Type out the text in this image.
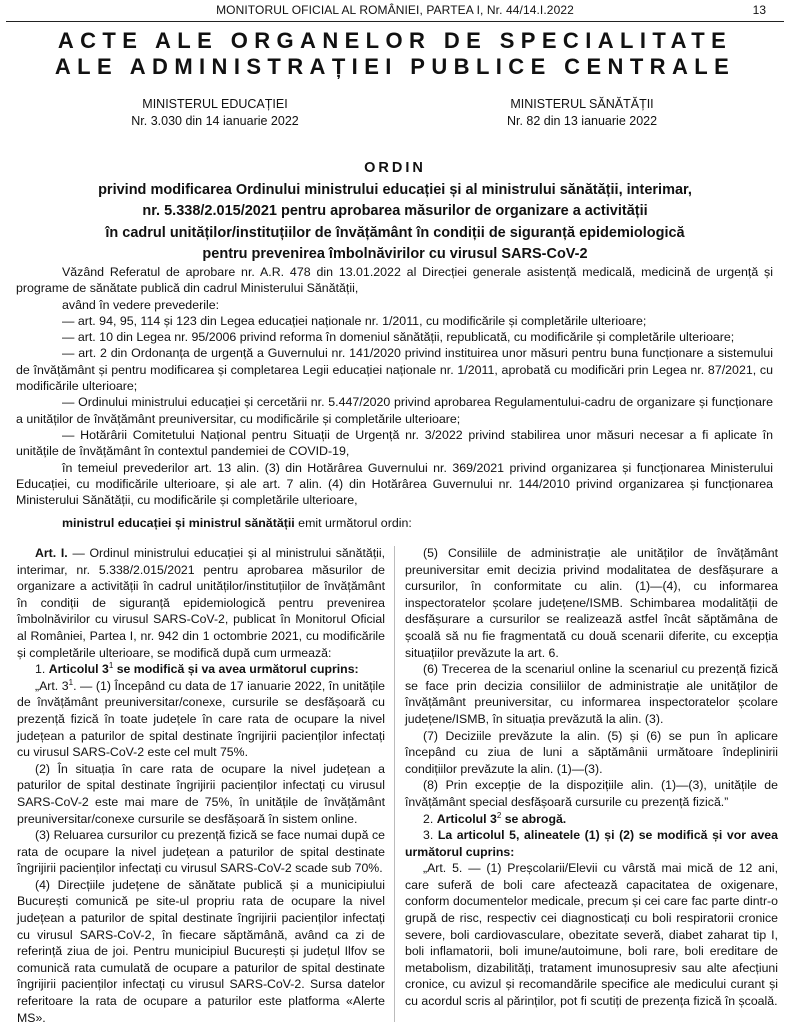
MONITORUL OFICIAL AL ROMÂNIEI, PARTEA I, Nr. 44/14.I.2022	13
ACTE ALE ORGANELOR DE SPECIALITATE
ALE ADMINISTRAȚIEI PUBLICE CENTRALE
MINISTERUL EDUCAȚIEI
Nr. 3.030 din 14 ianuarie 2022
MINISTERUL SĂNĂTĂȚII
Nr. 82 din 13 ianuarie 2022
ORDIN
privind modificarea Ordinului ministrului educației și al ministrului sănătății, interimar,
nr. 5.338/2.015/2021 pentru aprobarea măsurilor de organizare a activității
în cadrul unităților/instituțiilor de învățământ în condiții de siguranță epidemiologică
pentru prevenirea îmbolnăvirilor cu virusul SARS-CoV-2

Văzând Referatul de aprobare nr. A.R. 478 din 13.01.2022 al Direcției generale asistență medicală, medicină de urgență și programe de sănătate publică din cadrul Ministerului Sănătății,

având în vedere prevederile:

— art. 94, 95, 114 și 123 din Legea educației naționale nr. 1/2011, cu modificările și completările ulterioare;

— art. 10 din Legea nr. 95/2006 privind reforma în domeniul sănătății, republicată, cu modificările și completările ulterioare;

— art. 2 din Ordonanța de urgență a Guvernului nr. 141/2020 privind instituirea unor măsuri pentru buna funcționare a sistemului de învățământ și pentru modificarea și completarea Legii educației naționale nr. 1/2011, aprobată cu modificări prin Legea nr. 87/2021, cu modificările ulterioare;

— Ordinului ministrului educației și cercetării nr. 5.447/2020 privind aprobarea Regulamentului-cadru de organizare și funcționare a unităților de învățământ preuniversitar, cu modificările și completările ulterioare;

— Hotărârii Comitetului Național pentru Situații de Urgență nr. 3/2022 privind stabilirea unor măsuri necesar a fi aplicate în unitățile de învățământ în contextul pandemiei de COVID-19,

în temeiul prevederilor art. 13 alin. (3) din Hotărârea Guvernului nr. 369/2021 privind organizarea și funcționarea Ministerului Educației, cu modificările ulterioare, și ale art. 7 alin. (4) din Hotărârea Guvernului nr. 144/2010 privind organizarea și funcționarea Ministerului Sănătății, cu modificările și completările ulterioare,

ministrul educației și ministrul sănătății emit următorul ordin:

Art. I. — Ordinul ministrului educației și al ministrului sănătății, interimar, nr. 5.338/2.015/2021 pentru aprobarea măsurilor de organizare a activității în cadrul unităților/instituțiilor de învățământ în condiții de siguranță epidemiologică pentru prevenirea îmbolnăvirilor cu virusul SARS-CoV-2, publicat în Monitorul Oficial al României, Partea I, nr. 942 din 1 octombrie 2021, cu modificările și completările ulterioare, se modifică după cum urmează:

1. Articolul $3^1$ se modifică și va avea următorul cuprins:

„Art. $3^1$. — (1) Începând cu data de 17 ianuarie 2022, în unitățile de învățământ preuniversitar/conexe, cursurile se desfășoară cu prezență fizică în toate județele în care rata de ocupare la nivel județean a paturilor de spital destinate îngrijirii pacienților infectați cu virusul SARS-CoV-2 este cel mult 75%.

(2) În situația în care rata de ocupare la nivel județean a paturilor de spital destinate îngrijirii pacienților infectați cu virusul SARS-CoV-2 este mai mare de 75%, în unitățile de învățământ preuniversitar/conexe cursurile se desfășoară în sistem online.

(3) Reluarea cursurilor cu prezență fizică se face numai după ce rata de ocupare la nivel județean a paturilor de spital destinate îngrijirii pacienților infectați cu virusul SARS-CoV-2 scade sub 70%.

(4) Direcțiile județene de sănătate publică și a municipiului București comunică pe site-ul propriu rata de ocupare la nivel județean a paturilor de spital destinate îngrijirii pacienților infectați cu virusul SARS-CoV-2, în fiecare săptămână, având ca zi de referință ziua de joi. Pentru municipiul București și județul Ilfov se comunică rata cumulată de ocupare a paturilor de spital destinate îngrijirii pacienților infectați cu virusul SARS-CoV-2. Sursa datelor referitoare la rata de ocupare a paturilor este platforma «Alerte MS».

(5) Consiliile de administrație ale unităților de învățământ preuniversitar emit decizia privind modalitatea de desfășurare a cursurilor, în conformitate cu alin. (1)—(4), cu informarea inspectoratelor școlare județene/ISMB. Schimbarea modalității de desfășurare a cursurilor se realizează astfel încât săptămâna de școală să nu fie fragmentată cu două scenarii diferite, cu excepția situațiilor prevăzute la art. 6.

(6) Trecerea de la scenariul online la scenariul cu prezență fizică se face prin decizia consiliilor de administrație ale unităților de învățământ preuniversitar, cu informarea inspectoratelor școlare județene/ISMB, în situația prevăzută la alin. (3).

(7) Deciziile prevăzute la alin. (5) și (6) se pun în aplicare începând cu ziua de luni a săptămânii următoare îndeplinirii condițiilor prevăzute la alin. (1)—(3).

(8) Prin excepție de la dispozițiile alin. (1)—(3), unitățile de învățământ special desfășoară cursurile cu prezență fizică.”

2. Articolul $3^2$ se abrogă.

3. La articolul 5, alineatele (1) și (2) se modifică și vor avea următorul cuprins:

„Art. 5. — (1) Preșcolarii/Elevii cu vârstă mai mică de 12 ani, care suferă de boli care afectează capacitatea de oxigenare, conform documentelor medicale, precum și cei care fac parte dintr-o grupă de risc, respectiv cei diagnosticați cu boli respiratorii cronice severe, boli cardiovasculare, obezitate severă, diabet zaharat tip I, boli inflamatorii, boli imune/autoimune, boli rare, boli ereditare de metabolism, dizabilități, tratament imunosupresiv sau alte afecțiuni cronice, cu avizul și recomandările specifice ale medicului curant și cu acordul scris al părinților, pot fi scutiți de prezența fizică în școală.
